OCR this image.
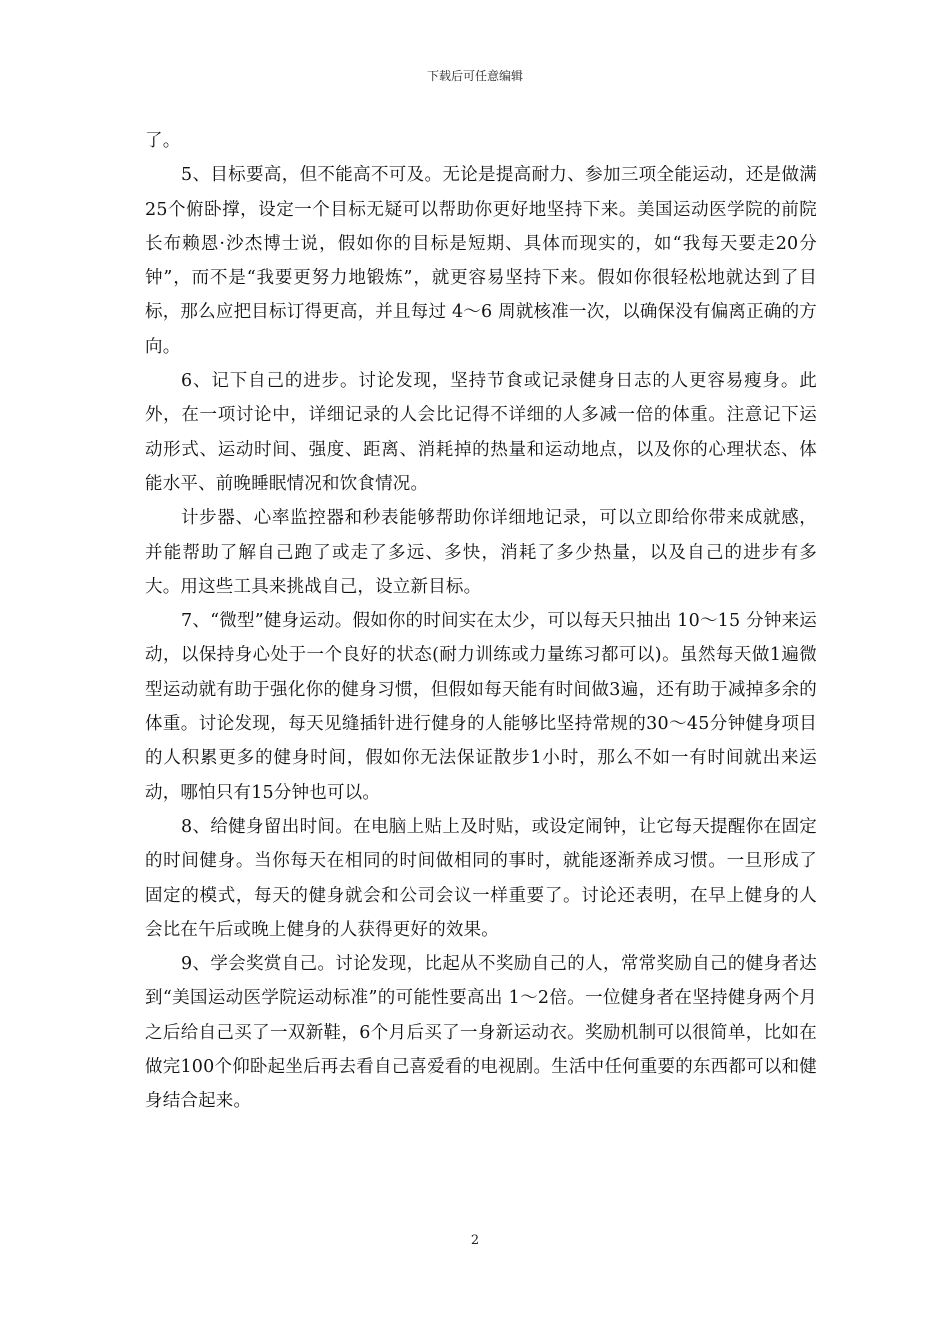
下载后可任意编辑

了。

5、目标要高，但不能高不可及。无论是提高耐力、参加三项全能运动，还是做满25个俯卧撑，设定一个目标无疑可以帮助你更好地坚持下来。美国运动医学院的前院长布赖恩·沙杰博士说，假如你的目标是短期、具体而现实的，如“我每天要走20分钟”，而不是“我要更努力地锻炼”，就更容易坚持下来。假如你很轻松地就达到了目标，那么应把目标订得更高，并且每过 4～6 周就核准一次，以确保没有偏离正确的方向。

6、记下自己的进步。讨论发现，坚持节食或记录健身日志的人更容易瘦身。此外，在一项讨论中，详细记录的人会比记得不详细的人多减一倍的体重。注意记下运动形式、运动时间、强度、距离、消耗掉的热量和运动地点，以及你的心理状态、体能水平、前晚睡眠情况和饮食情况。

计步器、心率监控器和秒表能够帮助你详细地记录，可以立即给你带来成就感，并能帮助了解自己跑了或走了多远、多快，消耗了多少热量，以及自己的进步有多大。用这些工具来挑战自己，设立新目标。

7、“微型”健身运动。假如你的时间实在太少，可以每天只抽出 10～15 分钟来运动，以保持身心处于一个良好的状态(耐力训练或力量练习都可以)。虽然每天做1遍微型运动就有助于强化你的健身习惯，但假如每天能有时间做3遍，还有助于减掉多余的体重。讨论发现，每天见缝插针进行健身的人能够比坚持常规的30～45分钟健身项目的人积累更多的健身时间，假如你无法保证散步1小时，那么不如一有时间就出来运动，哪怕只有15分钟也可以。

8、给健身留出时间。在电脑上贴上及时贴，或设定闹钟，让它每天提醒你在固定的时间健身。当你每天在相同的时间做相同的事时，就能逐渐养成习惯。一旦形成了固定的模式，每天的健身就会和公司会议一样重要了。讨论还表明，在早上健身的人会比在午后或晚上健身的人获得更好的效果。

9、学会奖赏自己。讨论发现，比起从不奖励自己的人，常常奖励自己的健身者达到“美国运动医学院运动标准”的可能性要高出 1～2倍。一位健身者在坚持健身两个月之后给自己买了一双新鞋，6个月后买了一身新运动衣。奖励机制可以很简单，比如在做完100个仰卧起坐后再去看自己喜爱看的电视剧。生活中任何重要的东西都可以和健身结合起来。

2
